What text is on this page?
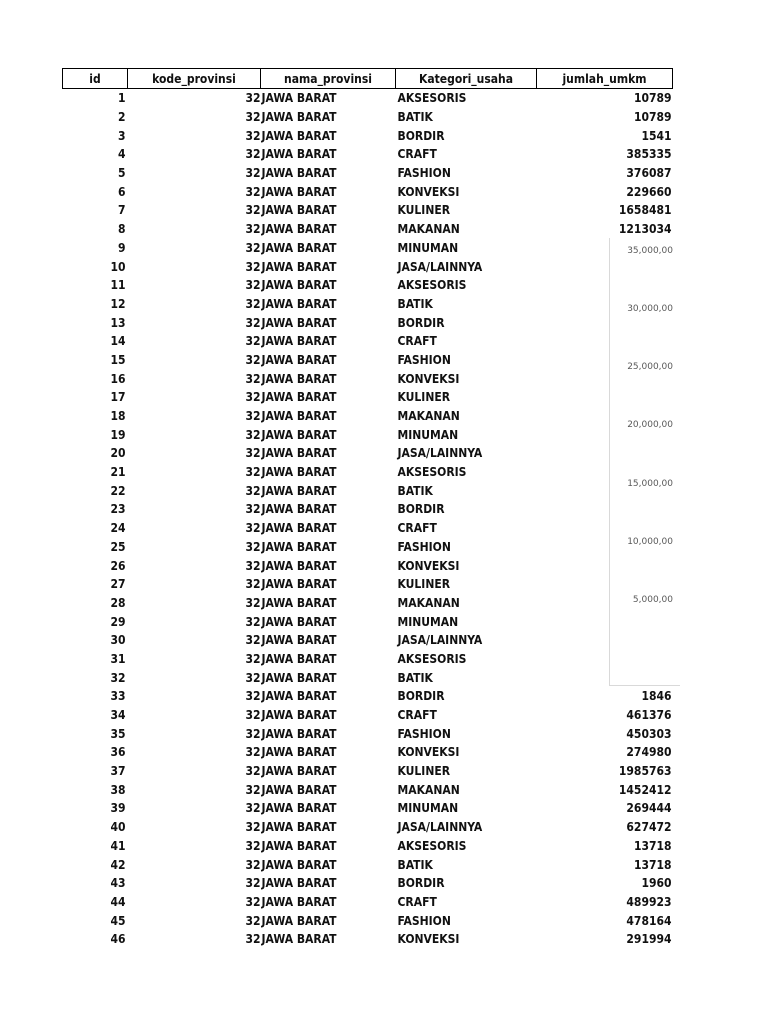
id	kode_provinsi	nama_provinsi	Kategori_usaha	jumlah_umkm
1	32	JAWA BARAT	AKSESORIS	10789
2	32	JAWA BARAT	BATIK	10789
3	32	JAWA BARAT	BORDIR	1541
4	32	JAWA BARAT	CRAFT	385335
5	32	JAWA BARAT	FASHION	376087
6	32	JAWA BARAT	KONVEKSI	229660
7	32	JAWA BARAT	KULINER	1658481
8	32	JAWA BARAT	MAKANAN	1213034
9	32	JAWA BARAT	MINUMAN	
10	32	JAWA BARAT	JASA/LAINNYA	
11	32	JAWA BARAT	AKSESORIS	
12	32	JAWA BARAT	BATIK	
13	32	JAWA BARAT	BORDIR	
14	32	JAWA BARAT	CRAFT	
15	32	JAWA BARAT	FASHION	
16	32	JAWA BARAT	KONVEKSI	
17	32	JAWA BARAT	KULINER	
18	32	JAWA BARAT	MAKANAN	
19	32	JAWA BARAT	MINUMAN	
20	32	JAWA BARAT	JASA/LAINNYA	
21	32	JAWA BARAT	AKSESORIS	
22	32	JAWA BARAT	BATIK	
23	32	JAWA BARAT	BORDIR	
24	32	JAWA BARAT	CRAFT	
25	32	JAWA BARAT	FASHION	
26	32	JAWA BARAT	KONVEKSI	
27	32	JAWA BARAT	KULINER	
28	32	JAWA BARAT	MAKANAN	
29	32	JAWA BARAT	MINUMAN	
30	32	JAWA BARAT	JASA/LAINNYA	
31	32	JAWA BARAT	AKSESORIS	
32	32	JAWA BARAT	BATIK	
33	32	JAWA BARAT	BORDIR	1846
34	32	JAWA BARAT	CRAFT	461376
35	32	JAWA BARAT	FASHION	450303
36	32	JAWA BARAT	KONVEKSI	274980
37	32	JAWA BARAT	KULINER	1985763
38	32	JAWA BARAT	MAKANAN	1452412
39	32	JAWA BARAT	MINUMAN	269444
40	32	JAWA BARAT	JASA/LAINNYA	627472
41	32	JAWA BARAT	AKSESORIS	13718
42	32	JAWA BARAT	BATIK	13718
43	32	JAWA BARAT	BORDIR	1960
44	32	JAWA BARAT	CRAFT	489923
45	32	JAWA BARAT	FASHION	478164
46	32	JAWA BARAT	KONVEKSI	291994
35,000,00
30,000,00
25,000,00
20,000,00
15,000,00
10,000,00
5,000,00
